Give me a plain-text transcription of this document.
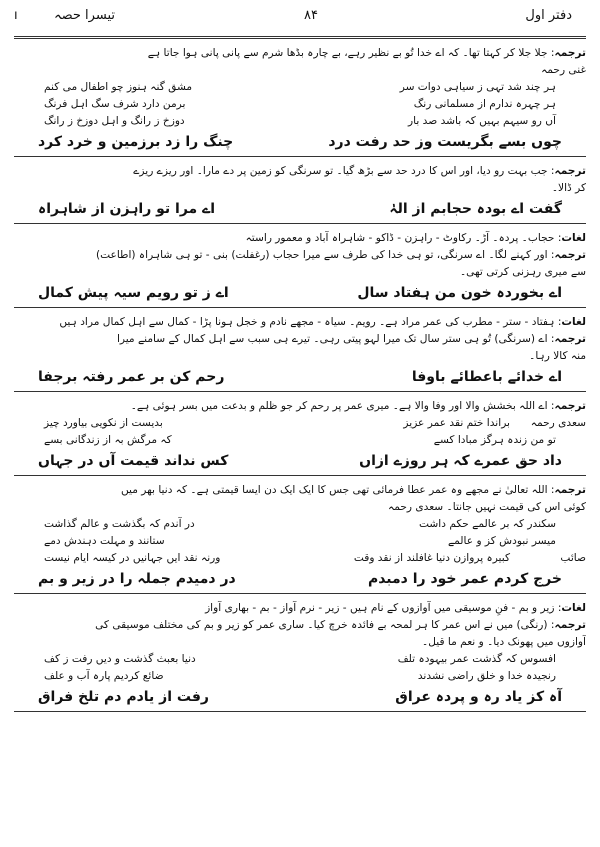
ı	تیسرا حصہ	۸۴	دفتر اول
ترجمہ: جلا جلا کر کہتا تھا۔ کہ اے خدا تُو بے نظیر رہے، بے چارہ بڈھا شرم سے پانی پانی ہوا جاتا ہے
غنی رحمہ
ہر چند شد تہی ز سیاہی دوات سر
مشق گنہ ہنوز چو اطفال می کنم
ہر چہرہ ندارم از مسلمانی رنگ
برمن دارد شرف سگ اہل فرنگ
آں رو سیہم بہیں کہ باشد صد بار
دوزخ ز رانگ و اہل دوزخ ز رانگ
چوں بسے بگریست وز حد رفت درد
چنگ را زد برزمین و خرد کرد
ترجمہ: جب بہت رو دیا، اور اس کا درد حد سے بڑھ گیا۔ تو سرنگی کو زمین پر دے مارا۔ اور ریزے ریزے
کر ڈالا۔
گفت اے بودہ حجابم از الہٰ
اے مرا تو راہزن از شاہراہ
لغات: حجاب۔ پردہ۔ آڑ۔ رکاوٹ - راہزن - ڈاکو - شاہراہ آباد و معمور راستہ
ترجمہ: اور کہنے لگا۔ اے سرنگی، تو ہی خدا کی طرف سے میرا حجاب (رغفلت) بنی - تو ہی شاہراہ (اطاعت)
سے میری رہزنی کرتی تھی۔
اے بخوردہ خون من ہفتاد سال
اے ز تو رویم سیہ پیش کمال
لغات: ہفتاد - ستر - مطرب کی عمر مراد ہے۔ رویم۔ سیاہ - مجھے نادم و خجل ہونا پڑا - کمال سے اہل کمال مراد ہیں
ترجمہ: اے (سرنگی) تُو ہی ستر سال تک میرا لہو پیتی رہی۔ تیرے ہی سبب سے اہل کمال کے سامنے میرا
منہ کالا رہا۔
اے خدائے باعطائے باوفا
رحم کن بر عمر رفتہ برجفا
ترجمہ: اے اللہ بخشش والا اور وفا والا ہے۔ میری عمر پر رحم کر جو ظلم و بدعت میں بسر ہوئی ہے۔
سعدی رحمہ
براندا ختم نقد عمر عزیز
بدیست از نکویی بیاورد چیز
تو من زندہ ہرگز مبادا کسے
کہ مرگش بہ از زندگانی بسے
داد حق عمرے کہ ہر روزے ازاں
کس نداند قیمت آں در جہاں
ترجمہ: اللہ تعالیٰ نے مجھے وہ عمر عطا فرمائی تھی جس کا ایک ایک دن ایسا قیمتی ہے۔ کہ دنیا بھر میں
کوئی اس کی قیمت نہیں جانتا۔ سعدی رحمہ
سکندر کہ بر عالمے حکم داشت
در آندم کہ بگذشت و عالم گذاشت
میسر نبودش کز و عالمے
ستانند و مہلت دہندش دمے
صائب
کبیرہ پروازن دنیا غافلند از نقد وقت
ورنہ نقد ایں جہانیں در کیسہ ایام نیست
خرج کردم عمر خود را دمبدم
در دمیدم جملہ را در زیر و بم
لغات: زیر و بم - فنِ موسیقی میں آوازوں کے نام ہیں - زیر - نرم آواز - بم - بھاری آواز
ترجمہ: (رنگی) میں نے اس عمر کا ہر لمحہ بے فائدہ خرچ کیا۔ ساری عمر کو زیر و بم کی مختلف موسیقی کی
آوازوں میں پھونک دیا۔ و نعم ما قیل۔
افسوس کہ گذشت عمر بیہودہ تلف
دنیا بعبث گذشت و دیں رفت ز کف
رنجیدہ خدا و خلق راضی نشدند
ضائع کردیم پارہ آب و علف
آہ کز یاد رہ و پردہ عراق
رفت از یادم دم تلخ فراق
